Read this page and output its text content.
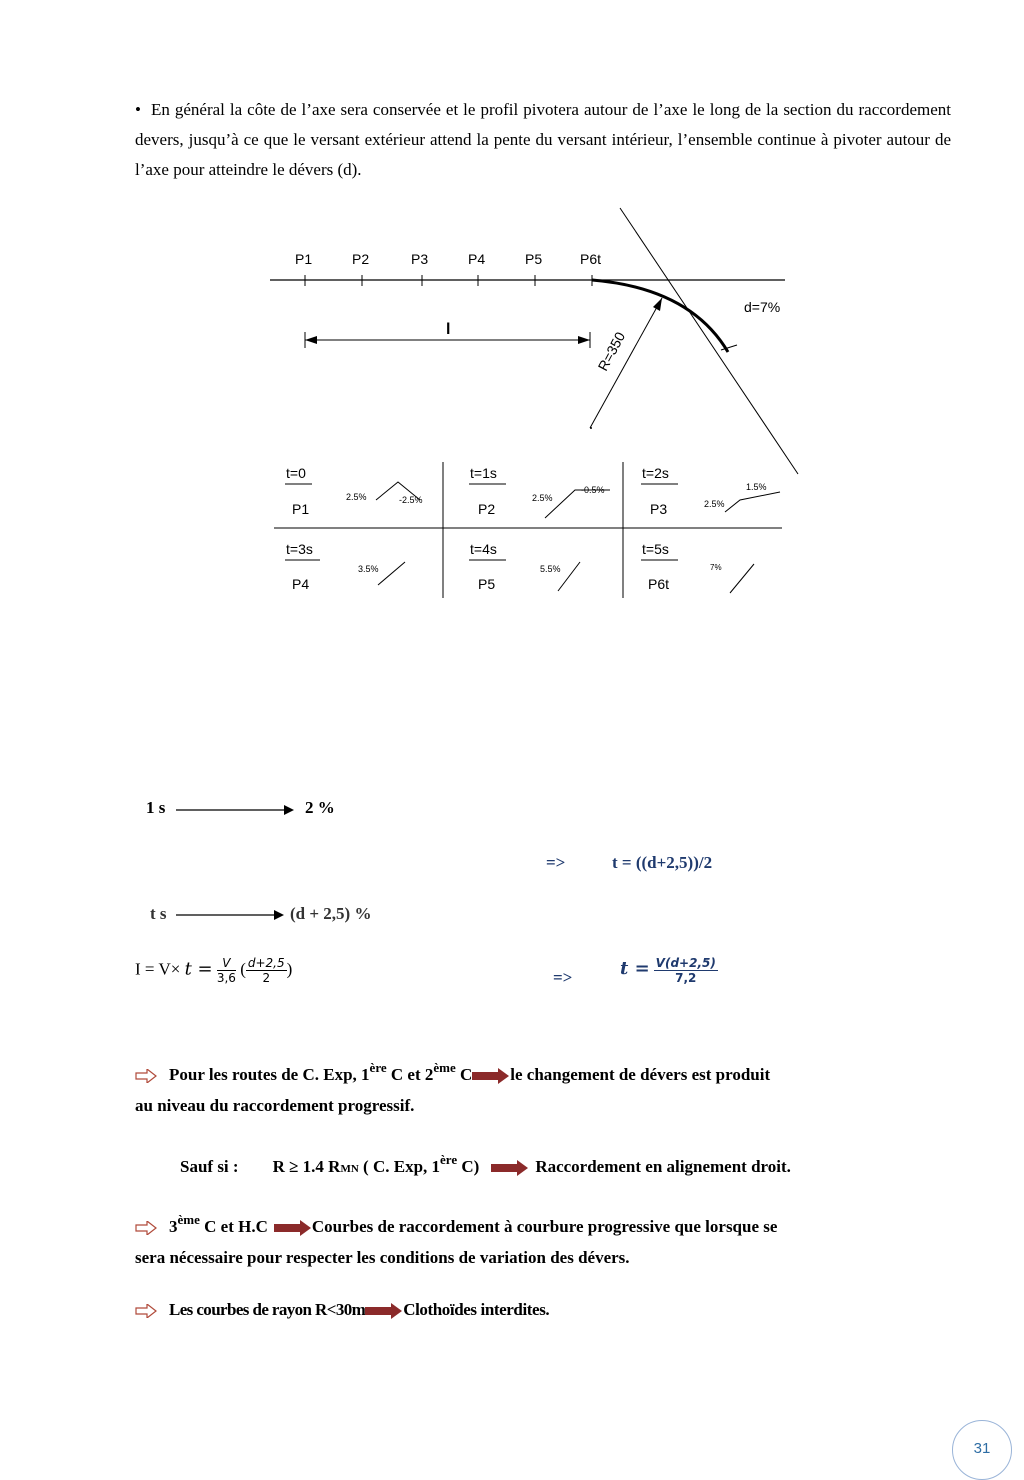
• En général la côte de l’axe sera conservée et le profil pivotera autour de l’axe le long de la section du raccordement devers, jusqu’à ce que le versant extérieur attend la pente du versant intérieur, l’ensemble continue à pivoter autour de l’axe pour atteindre le dévers (d).
P1	P2	P3	P4	P5	P6t
l	R=350
d=7%
t=0
P1
2.5%	-2.5%
t=1s
P2
2.5%
-0.5%
t=2s
P3	2.5%
1.5%
t=3s
P4
3.5%
t=4s
P5
5.5%
t=5s
P6t
7%
1 s	2 %
=>	t = ((d+2,5))/2
t s	(d + 2,5) %
$I = V\times t = \frac{V}{3,6}$ ( $\frac{d+2,5}{2}$ )	=>	$t = \frac{V(d+2,5)}{7,2}$
Pour les routes de C. Exp, 1ère C et 2ème C le changement de dévers est produit
au niveau du raccordement progressif.
Sauf si : R ≥ 1.4 RMN ( C. Exp, 1ère C)	Raccordement en alignement droit.
3ème C et H.C	Courbes de raccordement à courbure progressive que lorsque se
sera nécessaire pour respecter les conditions de variation des dévers.
Les courbes de rayon R<30m Clothoïdes interdites.
31
